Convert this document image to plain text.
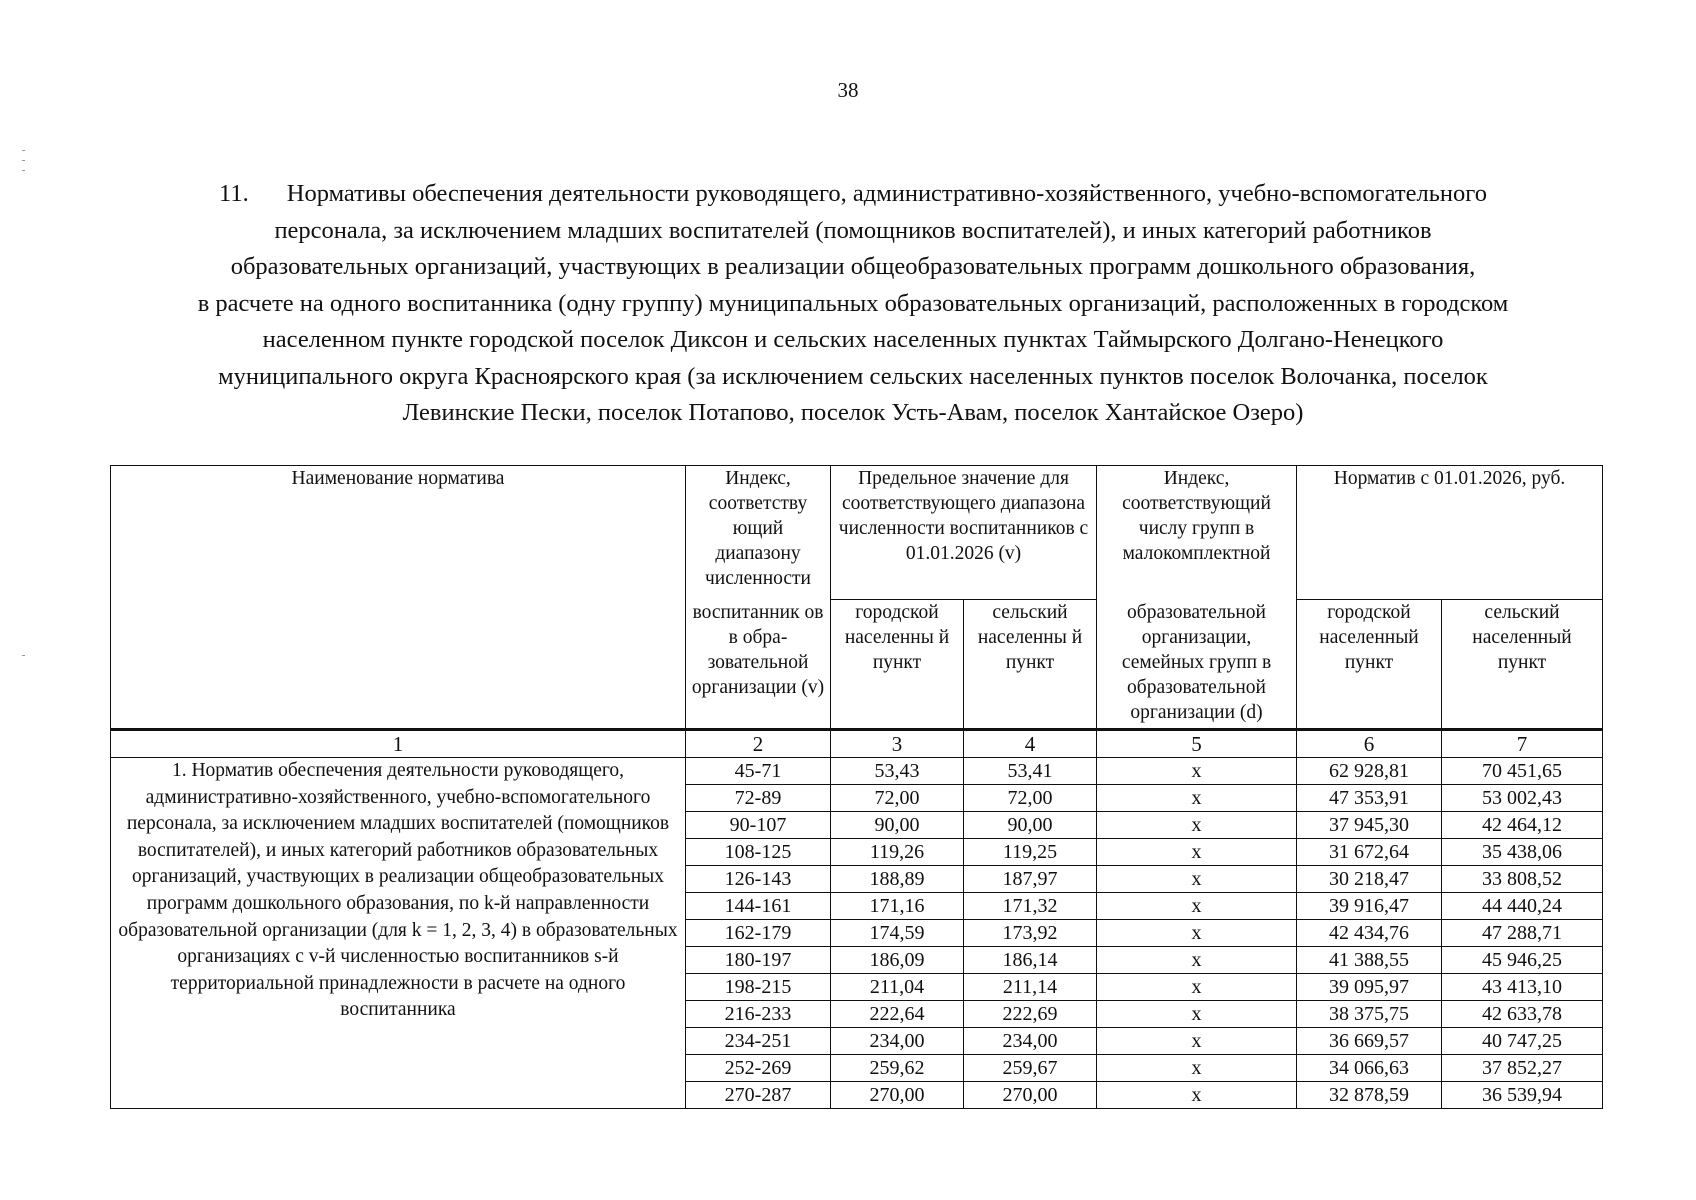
38
11. Нормативы обеспечения деятельности руководящего, административно-хозяйственного, учебно-вспомогательного
персонала, за исключением младших воспитателей (помощников воспитателей), и иных категорий работников
образовательных организаций, участвующих в реализации общеобразовательных программ дошкольного образования,
в расчете на одного воспитанника (одну группу) муниципальных образовательных организаций, расположенных в городском
населенном пункте городской поселок Диксон и сельских населенных пунктах Таймырского Долгано-Ненецкого
муниципального округа Красноярского края (за исключением сельских населенных пунктов поселок Волочанка, поселок
Левинские Пески, поселок Потапово, поселок Усть-Авам, поселок Хантайское Озеро)
Наименование норматива	Индекс, соответству ющий диапазону численности	Предельное значение для соответствующего диапазона численности воспитанников с 01.01.2026 (v)		Индекс, соответствующий числу групп в малокомплектной	Норматив с 01.01.2026, руб.	
	воспитанник ов в обра- зовательной организации (v)	городской населенны й пункт	сельский населенны й пункт	образовательной организации, семейных групп в образовательной организации (d)	городской населенный пункт	сельский населенный пункт
1	2	3	4	5	6	7
1. Норматив обеспечения деятельности руководящего, административно-хозяйственного, учебно-вспомогательного персонала, за исключением младших воспитателей (помощников воспитателей), и иных категорий работников образовательных организаций, участвующих в реализации общеобразовательных программ дошкольного образования, по k-й направленности образовательной организации (для k = 1, 2, 3, 4) в образовательных организациях с v-й численностью воспитанников s-й территориальной принадлежности в расчете на одного воспитанника	45-71	53,43	53,41	х	62 928,81	70 451,65
	72-89	72,00	72,00	х	47 353,91	53 002,43
	90-107	90,00	90,00	х	37 945,30	42 464,12
	108-125	119,26	119,25	х	31 672,64	35 438,06
	126-143	188,89	187,97	х	30 218,47	33 808,52
	144-161	171,16	171,32	х	39 916,47	44 440,24
	162-179	174,59	173,92	х	42 434,76	47 288,71
	180-197	186,09	186,14	х	41 388,55	45 946,25
	198-215	211,04	211,14	х	39 095,97	43 413,10
	216-233	222,64	222,69	х	38 375,75	42 633,78
	234-251	234,00	234,00	х	36 669,57	40 747,25
	252-269	259,62	259,67	х	34 066,63	37 852,27
	270-287	270,00	270,00	х	32 878,59	36 539,94
